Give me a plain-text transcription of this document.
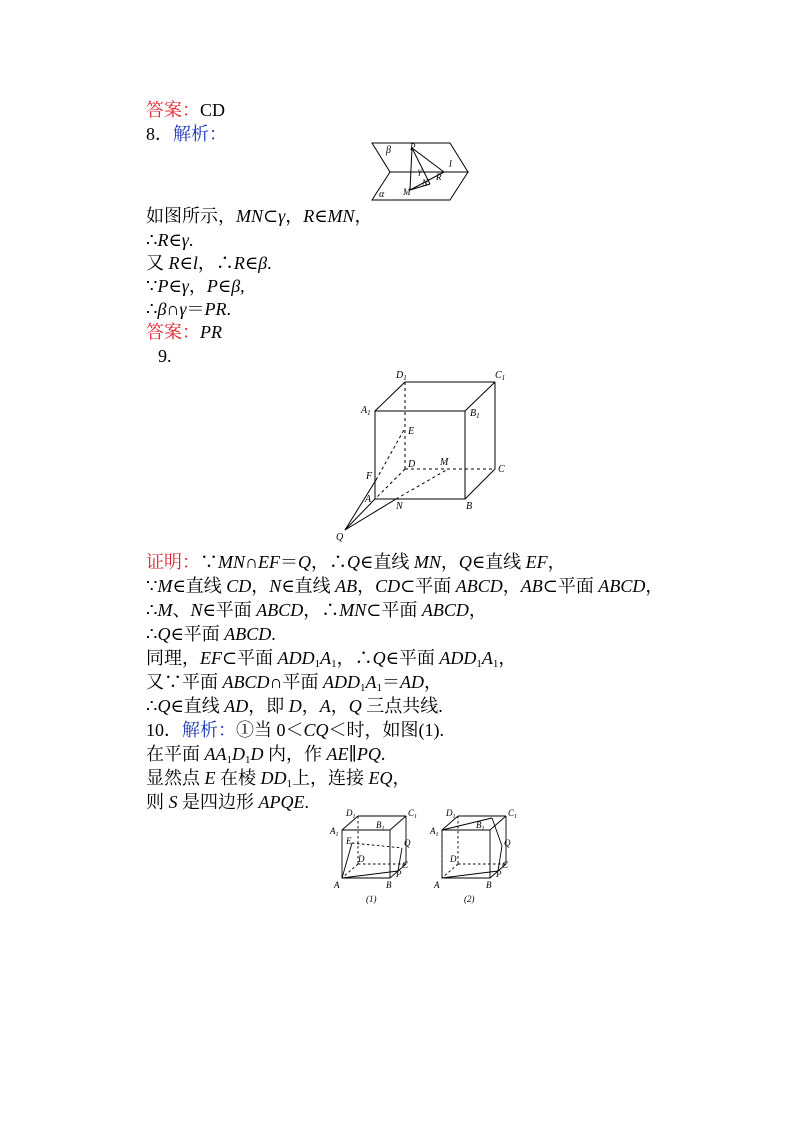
答案：CD
8．解析：
β P
l
γ
R
N
M
α
如图所示，MN⊂γ，R∈MN，
∴R∈γ.
又 R∈l，∴R∈β.
∵P∈γ，P∈β,
∴β∩γ＝PR.
答案：PR
9.
$D_1$	$C_1$
$A_1$	$B_1$
E
D M
C
F
A
N	B
Q
证明：∵MN∩EF＝Q，∴Q∈直线 MN，Q∈直线 EF，
∵M∈直线 CD，N∈直线 AB，CD⊂平面 ABCD，AB⊂平面 ABCD，
∴M、N∈平面 ABCD，∴MN⊂平面 ABCD，
∴Q∈平面 ABCD.
同理，EF⊂平面 $ADD_1A_1$，∴Q∈平面 $ADD_1A_1$，
又∵平面 ABCD∩平面 $ADD_1A_1=AD$，
∴Q∈直线 AD，即 D，A，Q 三点共线.
10．解析：①当 0＜CQ＜时，如图(1).
在平面 $AA_1D_1D$ 内，作 AE∥PQ.
显然点 E 在棱 $DD_1$上，连接 EQ，
则 S 是四边形 APQE.
$D_1$	$C_1$
$A_1$
$B_1$
E	Q
D
C
P
A	B
(1)
$D_1$	$C_1$
$A_1$
$B_1$
Q
D
C
P
A	B
(2)
